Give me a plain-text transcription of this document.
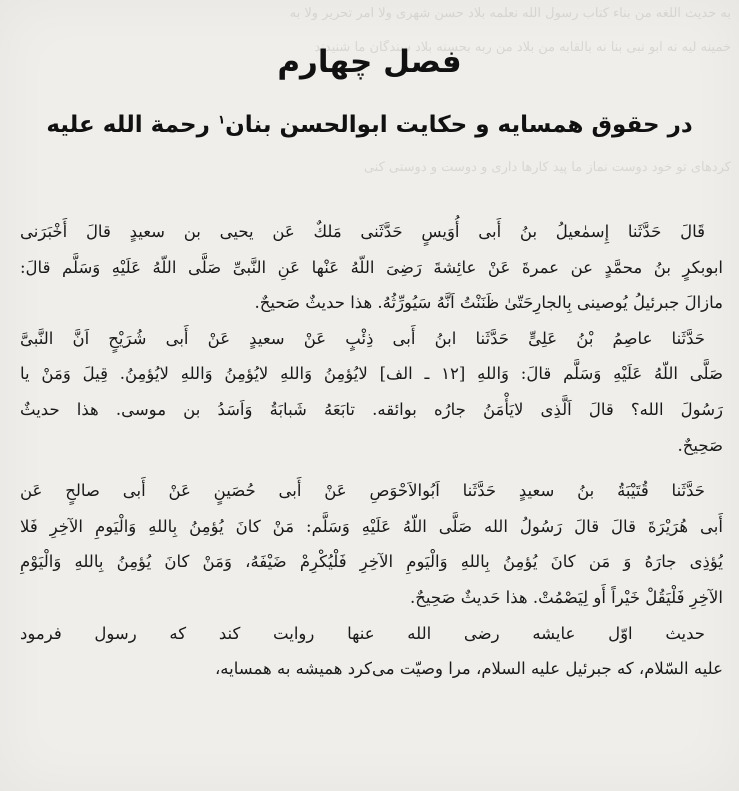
به حدیث اللغه من بناء کتاب رسول الله نعلمه بلاد حسن شهری ولا امر تحریر ولا به
خمینه لیه نه ابو نبی بنا نه بالقابه من بلاد من ربه بحسنه بلاد سندگان ما شنیدند
کردهای تو خود دوست نماز ما پید کارها داری و دوست و دوستی کنی
فصل چهارم
در حقوق همسایه و حکایت ابوالحسن بنان$^۱$ رحمة الله علیه
قَالَ حَدَّثَنا إِسمٰعیلُ بنُ أَبی أُوَیسٍ حَدَّثَنی مَلكٌ عَن یحیی بن سعیدٍ قالَ أَخْبَرَنی
ابوبکرٍ بنُ محمَّدٍ عن عمرةَ عَنْ عائِشةَ رَضِیَ اللّهُ عَنْها عَنِ النَّبیِّ صَلَّی اللّهُ عَلَیْهِ وَسَلَّم قالَ:
مازالَ جبرئیلُ یُوصینی بِالجارِحَتّیٰ ظَنَنْتُ اَنَّهُ سَیُورِّثُهُ. هذا حدیثٌ صَحیحٌ.
حَدَّثَنا عاصِمُ بْنُ عَلِیٍّ حَدَّثَنا ابنُ أَبی ذِئْبٍ عَنْ سعیدٍ عَنْ أَبی شُرَیْحٍ اَنَّ النَّبیَّ
صَلَّی اللّهُ عَلَیْهِ وَسَلَّم قالَ: وَاللهِ [۱۲ ـ الف] لایُؤمِنُ وَاللهِ لایُؤمِنُ وَاللهِ لایُؤمِنُ. قِیلَ وَمَنْ یا
رَسُولَ الله؟ قالَ اَلَّذِی لایَأْمَنُ جارُه بوائقه. تابَعَهُ شَبابَةُ وَاَسَدُ بن موسی. هذا حدیثٌ
صَحِیحٌ.
حَدَّثَنا قُتَیْبَةُ بنُ سعیدٍ حَدَّثَنا اَبُوالاَحْوَصِ عَنْ أَبی حُصَینٍ عَنْ أَبی صالحٍ عَن
أَبی هُرَیْرَةَ قالَ قالَ رَسُولُ الله صَلَّی اللّهُ عَلَیْهِ وَسَلَّم: مَنْ کانَ یُؤمِنُ بِاللهِ وَالْیَومِ الآخِرِ فَلا
یُؤذِی جارَهُ وَ مَن کانَ یُؤمِنُ بِاللهِ وَالْیَومِ الآخِرِ فَلْیُکْرِمْ ضَیْفَهُ، وَمَنْ کانَ یُؤمِنُ بِاللهِ وَالْیَوْمِ
الآخِرِ فَلْیَقُلْ خَیْراً أَو لِیَصْمُتْ. هذا حَدیثٌ صَحِیحٌ.
حدیث اوّل عایشه رضی الله عنها روایت کند که رسول فرمود
علیه السّلام، که جبرئیل علیه السلام، مرا وصیّت می‌کرد همیشه به همسایه،
